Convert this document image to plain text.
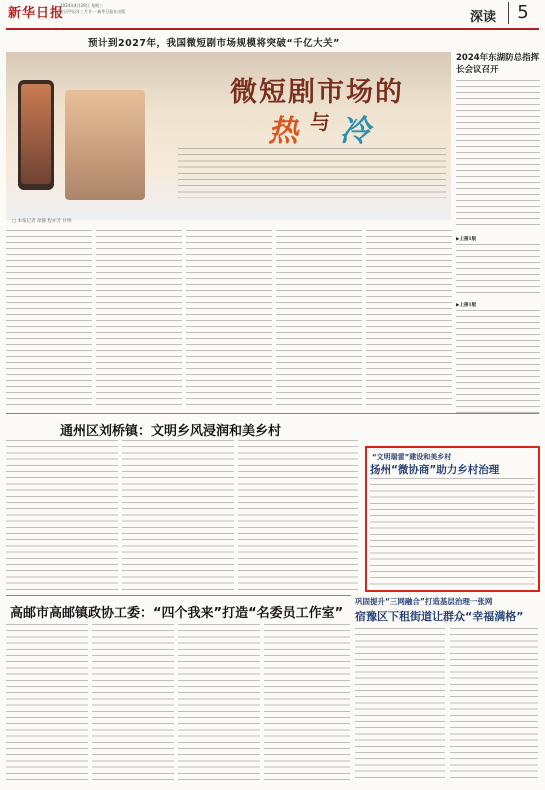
新华日报
2024年4月29日 星期三
农历甲辰年三月廿一 新华日报社出版	深读	5
预计到2027年，我国微短剧市场规模将突破“千亿大关”
微短剧市场的
热 与 冷
□ 本报记者 徐静 程亦芳 付纳
2024年东湖防总指挥长会议召开
▶上接1版
▶上接1版
通州区刘桥镇：文明乡风浸润和美乡村
“文明瑞雷”建设和美乡村
扬州“微协商”助力乡村治理
巩固提升“三网融合”打造基层治理一张网
宿豫区下租街道让群众“幸福满格”
高邮市高邮镇政协工委：“四个我来”打造“名委员工作室”
